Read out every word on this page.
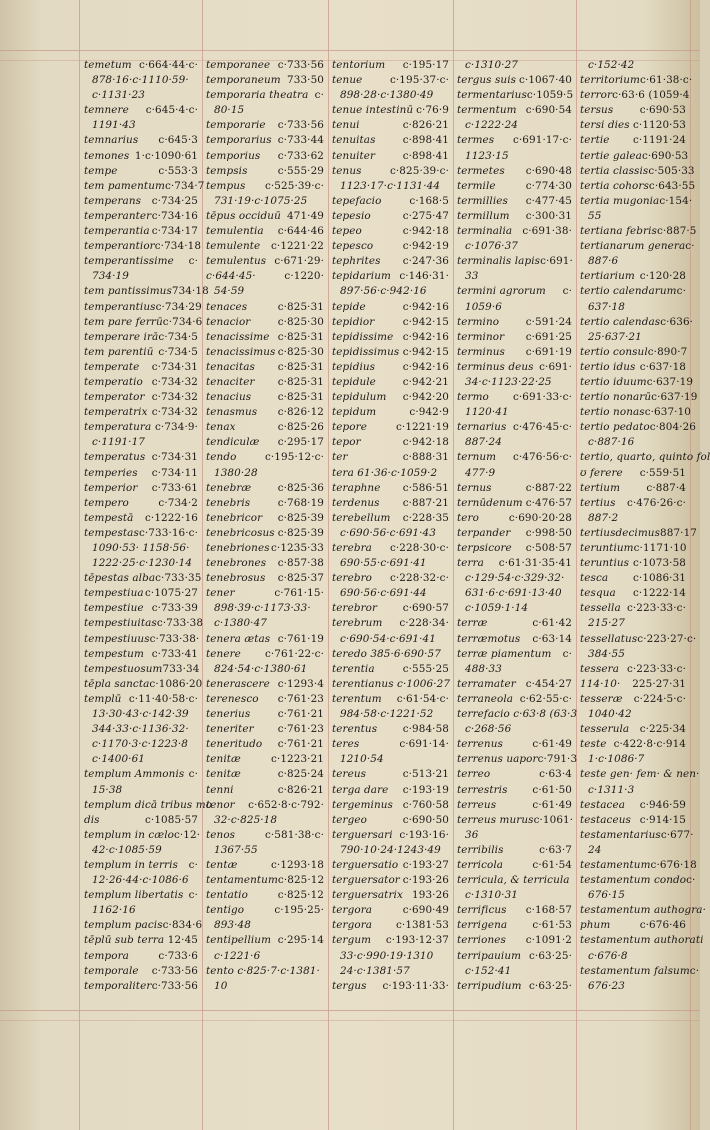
temetum c·664·44·c·
878·16·c·1110·59·
c·1131·23
temnere c·645·4·c·
1191·43
temnarius c·645·3
temones 1·c·1090·61
tempe	c·553·3
tem pamentum c·734·7
temperans c·734·25
temperanter c·734·16
temperantia c·734·17
temperantior c·734·18
temperantissime c·
734·19
tem pantissimus 734·18
temperantius c·734·29
tem pare ferrū c·734·6
temperare irā c·734·5
tem parentiū c·734·5
temperate c·734·31
temperatio c·734·32
temperator c·734·32
temperatrix c·734·32
temperatura c·734·9·
c·1191·17
temperatus c·734·31
temperies c·734·11
temperior c·733·61
tempero	c·734·2
tempestā c·1222·16
tempestas c·733·16·c·
1090·53· 1158·56·
1222·25·c·1230·14
tēpestas alba c·733·35
tempestiua c·1075·27
tempestiue c·733·39
tempestiuitas c·733·38
tempestiuus c·733·38·
tempestum c·733·41
tempestuosum 733·34
tēpla sancta c·1086·20
templū c·11·40·58·c·
13·30·43·c·142·39
344·33·c·1136·32·
c·1170·3·c·1223·8
c·1400·61
templum Ammonis c·
15·38
templum dicā tribus mo
dis	c·1085·57
templum in cælo c·12·
42·c·1085·59
templum in terris c·
12·26·44·c·1086·6
templum libertatis c·
1162·16
templum pacis c·834·6
tēplū sub terra 12·45
tempora	c·733·6
temporale c·733·56
temporaliter c·733·56
temporanee c·733·56
temporaneum 733·50
temporaria theatra c·
80·15
temporarie c·733·56
temporarius c·733·44
temporius c·733·62
tempsis	c·555·29
tempus c·525·39·c·
731·19·c·1075·25
tēpus occiduū 471·49
temulentia c·644·46
temulente c·1221·22
temulentus c·671·29·
c·644·45·	c·1220·
54·59
tenaces	c·825·31
tenacior	c·825·30
tenacissime c·825·31
tenacissimus c·825·30
tenacitas c·825·31
tenaciter c·825·31
tenacius	c·825·31
tenasmus c·826·12
tenax	c·825·26
tendiculæ c·295·17
tendo	c·195·12·c·
1380·28
tenebræ	c·825·36
tenebris	c·768·19
tenebricor c·825·39
tenebricosus c·825·39
tenebriones c·1235·33
tenebrones c·857·38
tenebrosus c·825·37
tener	c·761·15·
898·39·c·1173·33·
c·1380·47
tenera ætas c·761·19
tenere c·761·22·c·
824·54·c·1380·61
tenerascere c·1293·4
terenesco c·761·23
tenerius	c·761·21
teneriter c·761·23
teneritudo c·761·21
tenitæ	c·1223·21
tenitæ	c·825·24
tenni	c·826·21
tenor c·652·8·c·792·
32·c·825·18
tenos	c·581·38·c·
1367·55
tentæ	c·1293·18
tentamentum c·825·12
tentatio	c·825·12
tentigo	c·195·25·
893·48
tentipellium c·295·14
c·1221·6
tento c·825·7·c·1381·
10
tentorium c·195·17
tenue	c·195·37·c·
898·28·c·1380·49
tenue intestinū c·76·9
tenui	c·826·21
tenuitas	c·898·41
tenuiter	c·898·41
tenus	c·825·39·c·
1123·17·c·1131·44
tepefacio	c·168·5
tepesio	c·275·47
tepeo	c·942·18
tepesco	c·942·19
tephrites c·247·36
tepidarium c·146·31·
897·56·c·942·16
tepide	c·942·16
tepidior	c·942·15
tepidissime c·942·16
tepidissimus c·942·15
tepidius	c·942·16
tepidule	c·942·21
tepidulum c·942·20
tepidum	c·942·9
tepore	c·1221·19
tepor	c·942·18
ter	c·888·31
tera 61·36·c·1059·2
teraphne c·586·51
terdenus c·887·21
terebellum c·228·35
c·690·56·c·691·43
terebra c·228·30·c·
690·55·c·691·41
terebro c·228·32·c·
690·56·c·691·44
terebror c·690·57
terebrum c·228·34·
c·690·54·c·691·41
teredo 385·6·690·57
terentia	c·555·25
terentianus c·1006·27
terentum c·61·54·c·
984·58·c·1221·52
terentus c·984·58
teres	c·691·14·
1210·54
tereus	c·513·21
terga dare c·193·19
tergeminus c·760·58
tergeo	c·690·50
terguersari c·193·16·
790·10·24·1243·49
terguersatio c·193·27
terguersator c·193·26
terguersatrix 193·26
tergora	c·690·49
tergora c·1381·53
tergum c·193·12·37
33·c·990·19·1310
24·c·1381·57
tergus c·193·11·33·
c·1310·27
tergus suis c·1067·40
termentarius c·1059·5
termentum c·690·54
c·1222·24
termes c·691·17·c·
1123·15
termetes c·690·48
termile	c·774·30
termillies c·477·45
termillum c·300·31
terminalia c·691·38·
c·1076·37
terminalis lapis c·691·
33
termini agrorum c·
1059·6
termino	c·591·24
terminor c·691·25
terminus c·691·19
terminus deus c·691·
34·c·1123·22·25
termo c·691·33·c·
1120·41
ternarius c·476·45·c·
887·24
ternum c·476·56·c·
477·9
ternus	c·887·22
ternūdenum c·476·57
tero	c·690·20·28
terpander c·998·50
terpsicore c·508·57
terra c·61·31·35·41
c·129·54·c·329·32·
631·6·c·691·13·40
c·1059·1·14
terræ	c·61·42
terræmotus c·63·14
terræ piamentum c·
488·33
terramater c·454·27
terraneola c·62·55·c·
terrefacio c·63·8 (63·3
c·268·56
terrenus	c·61·49
terrenus uapor c·791·3
terreo	c·63·4
terrestris c·61·50
terreus	c·61·49
terreus murus c·1061·
36
terribilis	c·63·7
terricola	c·61·54
terricula, & terricula
c·1310·31
terrificus c·168·57
terrigena c·61·53
terriones c·1091·2
terripauium c·63·25·
c·152·41
terripudium c·63·25·
c·152·42
territorium c·61·38·c·
terror c·63·6 (1059·4
tersus	c·690·53
tersi dies c·1120·53
tertie c·1191·24
tertie galea c·690·53
tertia classis c·505·33
tertia cohors c·643·55
tertia mugonia c·154·
55
tertiana febris c·887·5
tertianarum genera c·
887·6
tertiarium c·120·28
tertio calendarum c·
637·18
tertio calendas c·636·
25·637·21
tertio consul c·890·7
tertio idus c·637·18
tertio iduum c·637·19
tertio nonarū c·637·19
tertio nonas c·637·10
tertio pedato c·804·26
c·887·16
tertio, quarto, quinto fol
ʊ ferere c·559·51
tertium	c·887·4
tertius c·476·26·c·
887·2
tertiusdecimus 887·17
teruntium c·1171·10
teruntius c·1073·58
tesca c·1086·31
tesqua c·1222·14
tessella c·223·33·c·
215·27
tessellatus c·223·27·c·
384·55
tessera c·223·33·c·
114·10· 225·27·31
tesseræ c·224·5·c·
1040·42
tesserula c·225·34
teste c·422·8·c·914
1·c·1086·7
teste gen· fem· & nen·
c·1311·3
testacea c·946·59
testaceus c·914·15
testamentarius c·677·
24
testamentum c·676·18
testamentum condo c·
676·15
testamentum authogra·
phum	c·676·46
testamentum authorati
c·676·8
testamentum falsum c·
676·23
